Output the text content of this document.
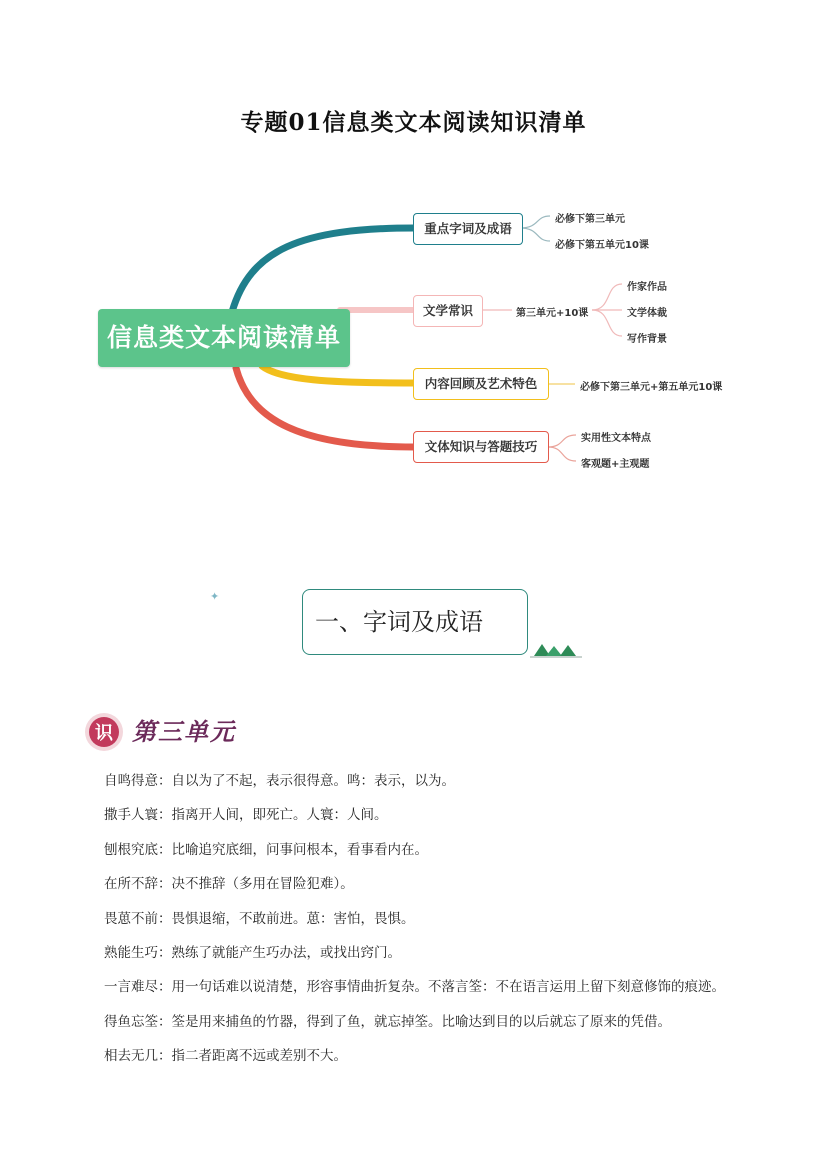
专题01信息类文本阅读知识清单
信息类文本阅读清单
重点字词及成语
必修下第三单元
必修下第五单元10课
文学常识	第三单元+10课
作家作品
文学体裁
写作背景
内容回顾及艺术特色	必修下第三单元+第五单元10课
文体知识与答题技巧
实用性文本特点
客观题+主观题
✦
一、字词及成语
识 第三单元
自鸣得意：自以为了不起，表示很得意。鸣：表示，以为。
撒手人寰：指离开人间，即死亡。人寰：人间。
刨根究底：比喻追究底细，问事问根本，看事看内在。
在所不辞：决不推辞（多用在冒险犯难）。
畏葸不前：畏惧退缩，不敢前进。葸：害怕，畏惧。
熟能生巧：熟练了就能产生巧办法，或找出窍门。
一言难尽：用一句话难以说清楚，形容事情曲折复杂。不落言筌：不在语言运用上留下刻意修饰的痕迹。
得鱼忘筌：筌是用来捕鱼的竹器，得到了鱼，就忘掉筌。比喻达到目的以后就忘了原来的凭借。
相去无几：指二者距离不远或差别不大。
